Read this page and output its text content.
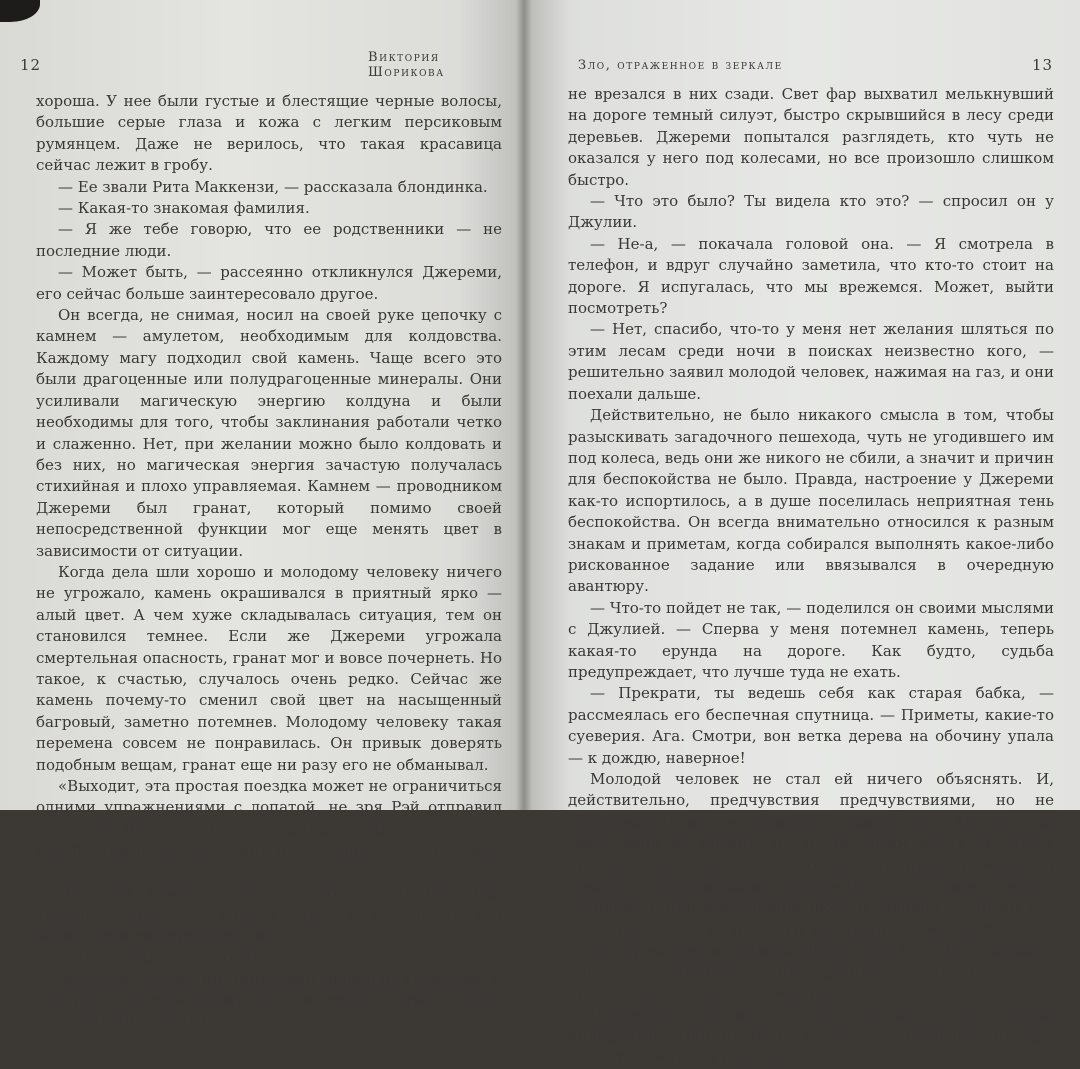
12	Виктория Шорикова

хороша. У нее были густые и блестящие черные волосы, большие серые глаза и кожа с легким персиковым румянцем. Даже не верилось, что такая красавица сейчас лежит в гробу.

— Ее звали Рита Маккензи, — рассказала блондинка.

— Какая-то знакомая фамилия.

— Я же тебе говорю, что ее родственники — не последние люди.

— Может быть, — рассеянно откликнулся Джереми, его сейчас больше заинтересовало другое.

Он всегда, не снимая, носил на своей руке цепочку с камнем — амулетом, необходимым для колдовства. Каждому магу подходил свой камень. Чаще всего это были драгоценные или полудрагоценные минералы. Они усиливали магическую энергию колдуна и были необходимы для того, чтобы заклинания работали четко и слаженно. Нет, при желании можно было колдовать и без них, но магическая энергия зачастую получалась стихийная и плохо управляемая. Камнем — проводником Джереми был гранат, который помимо своей непосредственной функции мог еще менять цвет в зависимости от ситуации.

Когда дела шли хорошо и молодому человеку ничего не угрожало, камень окрашивался в приятный ярко — алый цвет. А чем хуже складывалась ситуация, тем он становился темнее. Если же Джереми угрожала смертельная опасность, гранат мог и вовсе почернеть. Но такое, к счастью, случалось очень редко. Сейчас же камень почему-то сменил свой цвет на насыщенный багровый, заметно потемнев. Молодому человеку такая перемена совсем не понравилась. Он привык доверять подобным вещам, гранат еще ни разу его не обманывал.

«Выходит, эта простая поездка может не ограничиться одними упражнениями с лопатой, не зря Рэй отправил нас двоих. Наверное, по следу артефакта идет еще кто-то. Как бы там не вышло бойни на кладбище…» — подумал он.

Джереми немного ушел в себя, размышляя над текущей ситуацией, однако вдруг к реальности его вернул громкий крик Джулии.

— Осторожно! — завопила она.

Молодой человек инстинктивно ударил по тормозам. К счастью, в ночное время на этом участке трассы было мало машин, и никто

Зло, отраженное в зеркале	13

не врезался в них сзади. Свет фар выхватил мелькнувший на дороге темный силуэт, быстро скрывшийся в лесу среди деревьев. Джереми попытался разглядеть, кто чуть не оказался у него под колесами, но все произошло слишком быстро.

— Что это было? Ты видела кто это? — спросил он у Джулии.

— Не-а, — покачала головой она. — Я смотрела в телефон, и вдруг случайно заметила, что кто-то стоит на дороге. Я испугалась, что мы врежемся. Может, выйти посмотреть?

— Нет, спасибо, что-то у меня нет желания шляться по этим лесам среди ночи в поисках неизвестно кого, — решительно заявил молодой человек, нажимая на газ, и они поехали дальше.

Действительно, не было никакого смысла в том, чтобы разыскивать загадочного пешехода, чуть не угодившего им под колеса, ведь они же никого не сбили, а значит и причин для беспокойства не было. Правда, настроение у Джереми как-то испортилось, а в душе поселилась неприятная тень беспокойства. Он всегда внимательно относился к разным знакам и приметам, когда собирался выполнять какое-либо рискованное задание или ввязывался в очередную авантюру.

— Что-то пойдет не так, — поделился он своими мыслями с Джулией. — Сперва у меня потемнел камень, теперь какая-то ерунда на дороге. Как будто, судьба предупреждает, что лучше туда не ехать.

— Прекрати, ты ведешь себя как старая бабка, — рассмеялась его беспечная спутница. — Приметы, какие-то суеверия. Ага. Смотри, вон ветка дерева на обочину упала — к дождю, наверное!

Молодой человек не стал ей ничего объяснять. И, действительно, предчувствия предчувствиями, но не поворачивать же им обратно, в самом деле? Мистер Рэй такое явно не оценит. Да и эти знаки могут оказаться простым совпадением. Возможно, они предупреждают о каких-то потенциальных трудностях, но трудности могут возникнуть при выполнении любого задания. Если бы все было так легко, то и услуги Джереми и Джулии были бы попросту никому не нужны. Достаточно было бы отправить парочку обычных проходимцев, заплатив им причитающееся вознаграждение.

Оставшееся время в пути прошло без особых инцидентов. Они прибыли к месту назначения, правда, оценить сам город у них не
